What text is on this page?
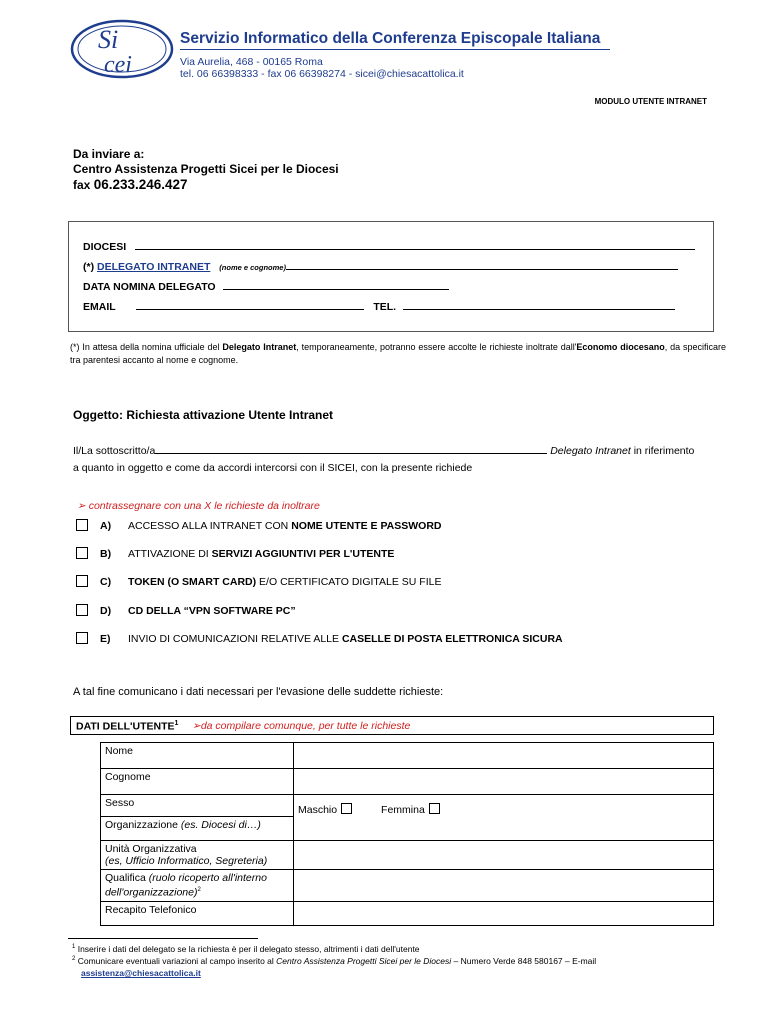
Si
cei
Servizio Informatico della Conferenza Episcopale Italiana
Via Aurelia, 468 - 00165 Roma
tel. 06 66398333 - fax 06 66398274 - sicei@chiesacattolica.it
MODULO UTENTE INTRANET
Da inviare a:
Centro Assistenza Progetti Sicei per le Diocesi
fax 06.233.246.427
DIOCESI
(*) DELEGATO INTRANET (nome e cognome)
DATA NOMINA DELEGATO
EMAIL	TEL.
(*) In attesa della nomina ufficiale del Delegato Intranet, temporaneamente, potranno essere accolte le richieste inoltrate dall'Economo diocesano, da specificare tra parentesi accanto al nome e cognome.
Oggetto: Richiesta attivazione Utente Intranet
Il/La sottoscritto/a	Delegato Intranet in riferimento
a quanto in oggetto e come da accordi intercorsi con il SICEI, con la presente richiede
➢ contrassegnare con una X le richieste da inoltrare
A) ACCESSO ALLA INTRANET CON NOME UTENTE E PASSWORD
B) ATTIVAZIONE DI SERVIZI AGGIUNTIVI PER L'UTENTE
C) TOKEN (O SMART CARD) E/O CERTIFICATO DIGITALE SU FILE
D) CD DELLA “VPN SOFTWARE PC”
E) INVIO DI COMUNICAZIONI RELATIVE ALLE CASELLE DI POSTA ELETTRONICA SICURA
A tal fine comunicano i dati necessari per l'evasione delle suddette richieste:
DATI DELL'UTENTE$^1$ ➢da compilare comunque, per tutte le richieste
Nome	
Cognome	
Sesso	Maschio Femmina
Organizzazione (es. Diocesi di…)	
Unità Organizzativa
(es, Ufficio Informatico, Segreteria)	
Qualifica (ruolo ricoperto all'interno dell'organizzazione)$^2$	
Recapito Telefonico	
$^1$ Inserire i dati del delegato se la richiesta è per il delegato stesso, altrimenti i dati dell'utente
$^2$ Comunicare eventuali variazioni al campo inserito al Centro Assistenza Progetti Sicei per le Diocesi – Numero Verde 848 580167 – E-mail
assistenza@chiesacattolica.it
